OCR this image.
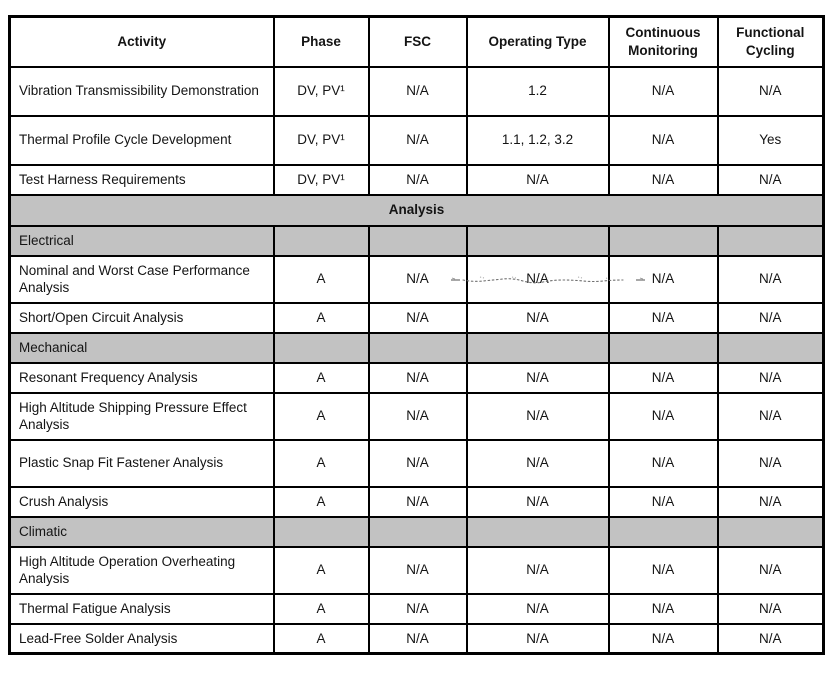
Activity	Phase	FSC	Operating Type	Continuous Monitoring	Functional Cycling
Vibration Transmissibility Demonstration	DV, PV¹	N/A	1.2	N/A	N/A
Thermal Profile Cycle Development	DV, PV¹	N/A	1.1, 1.2, 3.2	N/A	Yes
Test Harness Requirements	DV, PV¹	N/A	N/A	N/A	N/A
Analysis					
Electrical					
Nominal and Worst Case Performance Analysis	A	N/A	N/A	N/A	N/A
Short/Open Circuit Analysis	A	N/A	N/A	N/A	N/A
Mechanical					
Resonant Frequency Analysis	A	N/A	N/A	N/A	N/A
High Altitude Shipping Pressure Effect Analysis	A	N/A	N/A	N/A	N/A
Plastic Snap Fit Fastener Analysis	A	N/A	N/A	N/A	N/A
Crush Analysis	A	N/A	N/A	N/A	N/A
Climatic					
High Altitude Operation Overheating Analysis	A	N/A	N/A	N/A	N/A
Thermal Fatigue Analysis	A	N/A	N/A	N/A	N/A
Lead-Free Solder Analysis	A	N/A	N/A	N/A	N/A
